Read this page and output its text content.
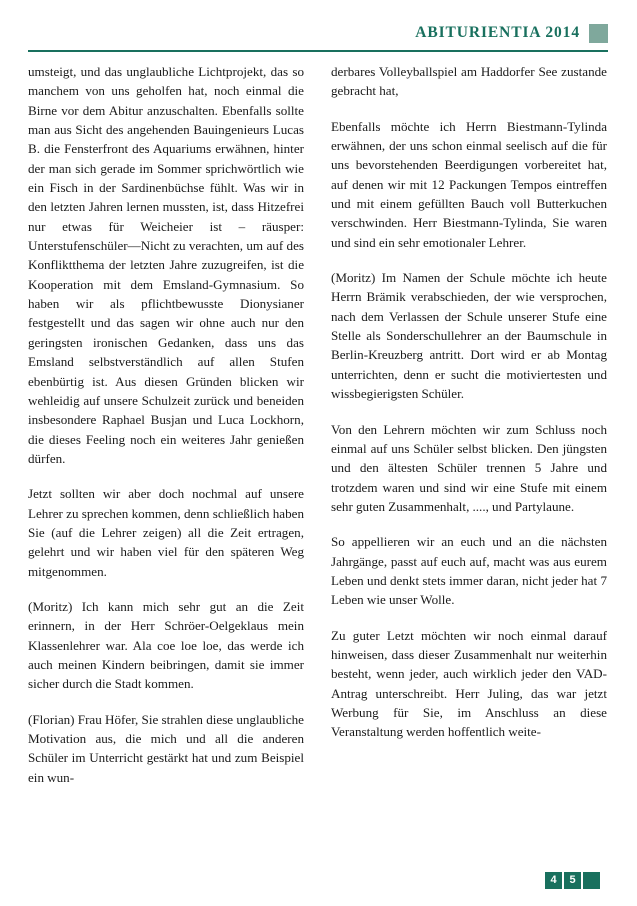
ABITURIENTIA 2014

umsteigt, und das unglaubliche Lichtprojekt, das so manchem von uns geholfen hat, noch einmal die Birne vor dem Abitur anzuschalten. Ebenfalls sollte man aus Sicht des angehenden Bauingenieurs Lucas B. die Fensterfront des Aquariums erwähnen, hinter der man sich gerade im Sommer sprichwörtlich wie ein Fisch in der Sardinenbüchse fühlt. Was wir in den letzten Jahren lernen mussten, ist, dass Hitzefrei nur etwas für Weicheier ist – räusper: Unterstufenschüler—Nicht zu verachten, um auf des Konfliktthema der letzten Jahre zuzugreifen, ist die Kooperation mit dem Emsland-Gymnasium. So haben wir als pflichtbewusste Dionysianer festgestellt und das sagen wir ohne auch nur den geringsten ironischen Gedanken, dass uns das Emsland selbstverständlich auf allen Stufen ebenbürtig ist. Aus diesen Gründen blicken wir wehleidig auf unsere Schulzeit zurück und beneiden insbesondere Raphael Busjan und Luca Lockhorn, die dieses Feeling noch ein weiteres Jahr genießen dürfen.

Jetzt sollten wir aber doch nochmal auf unsere Lehrer zu sprechen kommen, denn schließlich haben Sie (auf die Lehrer zeigen) all die Zeit ertragen, gelehrt und wir haben viel für den späteren Weg mitgenommen.

(Moritz) Ich kann mich sehr gut an die Zeit erinnern, in der Herr Schröer-Oelgeklaus mein Klassenlehrer war. Ala coe loe loe, das werde ich auch meinen Kindern beibringen, damit sie immer sicher durch die Stadt kommen.

(Florian) Frau Höfer, Sie strahlen diese unglaubliche Motivation aus, die mich und all die anderen Schüler im Unterricht gestärkt hat und zum Beispiel ein wun-

derbares Volleyballspiel am Haddorfer See zustande gebracht hat,

Ebenfalls möchte ich Herrn Biestmann-Tylinda erwähnen, der uns schon einmal seelisch auf die für uns bevorstehenden Beerdigungen vorbereitet hat, auf denen wir mit 12 Packungen Tempos eintreffen und mit einem gefüllten Bauch voll Butterkuchen verschwinden. Herr Biestmann-Tylinda, Sie waren und sind ein sehr emotionaler Lehrer.

(Moritz) Im Namen der Schule möchte ich heute Herrn Brämik verabschieden, der wie versprochen, nach dem Verlassen der Schule unserer Stufe eine Stelle als Sonderschullehrer an der Baumschule in Berlin-Kreuzberg antritt. Dort wird er ab Montag unterrichten, denn er sucht die motiviertesten und wissbegierigsten Schüler.

Von den Lehrern möchten wir zum Schluss noch einmal auf uns Schüler selbst blicken. Den jüngsten und den ältesten Schüler trennen 5 Jahre und trotzdem waren und sind wir eine Stufe mit einem sehr guten Zusammenhalt, ...., und Partylaune.

So appellieren wir an euch und an die nächsten Jahrgänge, passt auf euch auf, macht was aus eurem Leben und denkt stets immer daran, nicht jeder hat 7 Leben wie unser Wolle.

Zu guter Letzt möchten wir noch einmal darauf hinweisen, dass dieser Zusammenhalt nur weiterhin besteht, wenn jeder, auch wirklich jeder den VAD-Antrag unterschreibt. Herr Juling, das war jetzt Werbung für Sie, im Anschluss an diese Veranstaltung werden hoffentlich weite-

4	5
